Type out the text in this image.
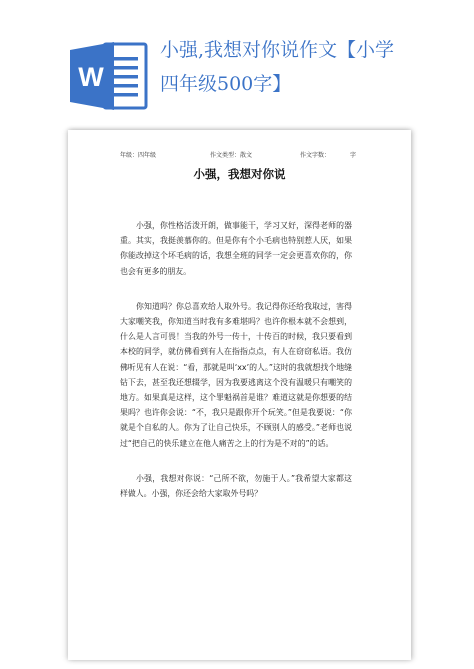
W

小强,我想对你说作文【小学

四年级500字】

年级：四年级	作文类型：散文	作文字数：	字
小强，我想对你说

小强，你性格活泼开朗，做事能干，学习又好，深得老师的器重。其实，我挺羡慕你的。但是你有个小毛病也特别惹人厌，如果你能改掉这个坏毛病的话，我想全班的同学一定会更喜欢你的，你也会有更多的朋友。

你知道吗？你总喜欢给人取外号。我记得你还给我取过，害得大家嘲笑我，你知道当时我有多难堪吗？也许你根本就不会想到，什么是人言可畏！当我的外号一传十，十传百的时候，我只要看到本校的同学，就仿佛看到有人在指指点点，有人在窃窃私语。我仿佛听见有人在说：“看，那就是叫‘xx’的人。”这时的我就想找个地缝钻下去，甚至我还想辍学，因为我要逃离这个没有温暖只有嘲笑的地方。如果真是这样，这个罪魁祸首是谁？难道这就是你想要的结果吗？也许你会说：“不，我只是跟你开个玩笑。”但是我要说：“你就是个自私的人。你为了让自己快乐，不顾别人的感受。”老师也说过“把自己的快乐建立在他人痛苦之上的行为是不对的”的话。

小强，我想对你说：“己所不欲，勿施于人。”我希望大家都这样做人。小强，你还会给大家取外号吗？
